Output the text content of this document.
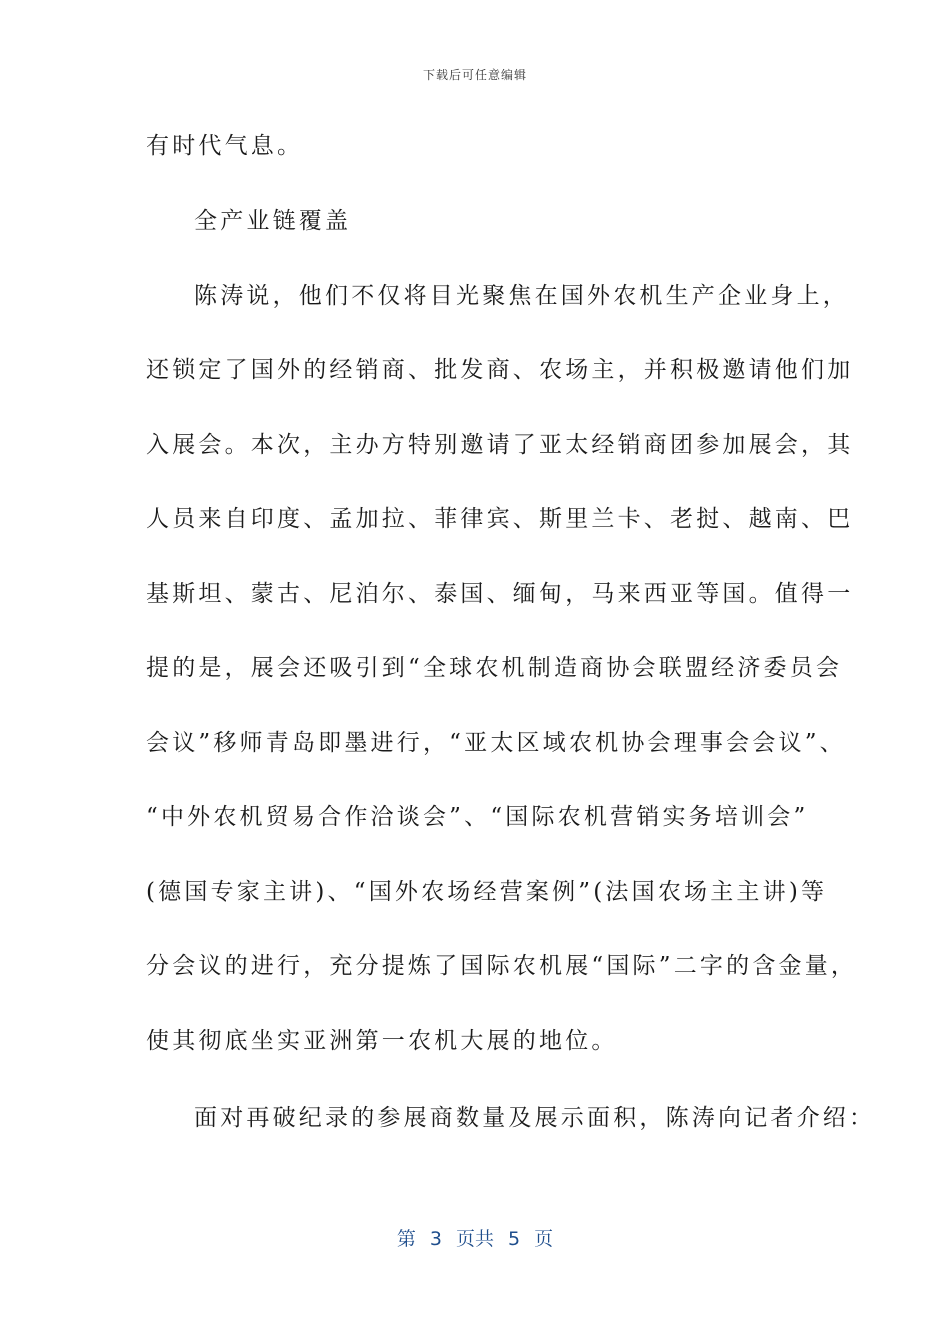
下载后可任意编辑
有时代气息。
全产业链覆盖
陈涛说，他们不仅将目光聚焦在国外农机生产企业身上，
还锁定了国外的经销商、批发商、农场主，并积极邀请他们加
入展会。本次，主办方特别邀请了亚太经销商团参加展会，其
人员来自印度、孟加拉、菲律宾、斯里兰卡、老挝、越南、巴
基斯坦、蒙古、尼泊尔、泰国、缅甸，马来西亚等国。值得一
提的是，展会还吸引到“全球农机制造商协会联盟经济委员会
会议”移师青岛即墨进行，“亚太区域农机协会理事会会议”、
“中外农机贸易合作洽谈会”、“国际农机营销实务培训会”
(德国专家主讲)、“国外农场经营案例”(法国农场主主讲)等
分会议的进行，充分提炼了国际农机展“国际”二字的含金量，
使其彻底坐实亚洲第一农机大展的地位。
面对再破纪录的参展商数量及展示面积，陈涛向记者介绍：
第 3 页共 5 页
